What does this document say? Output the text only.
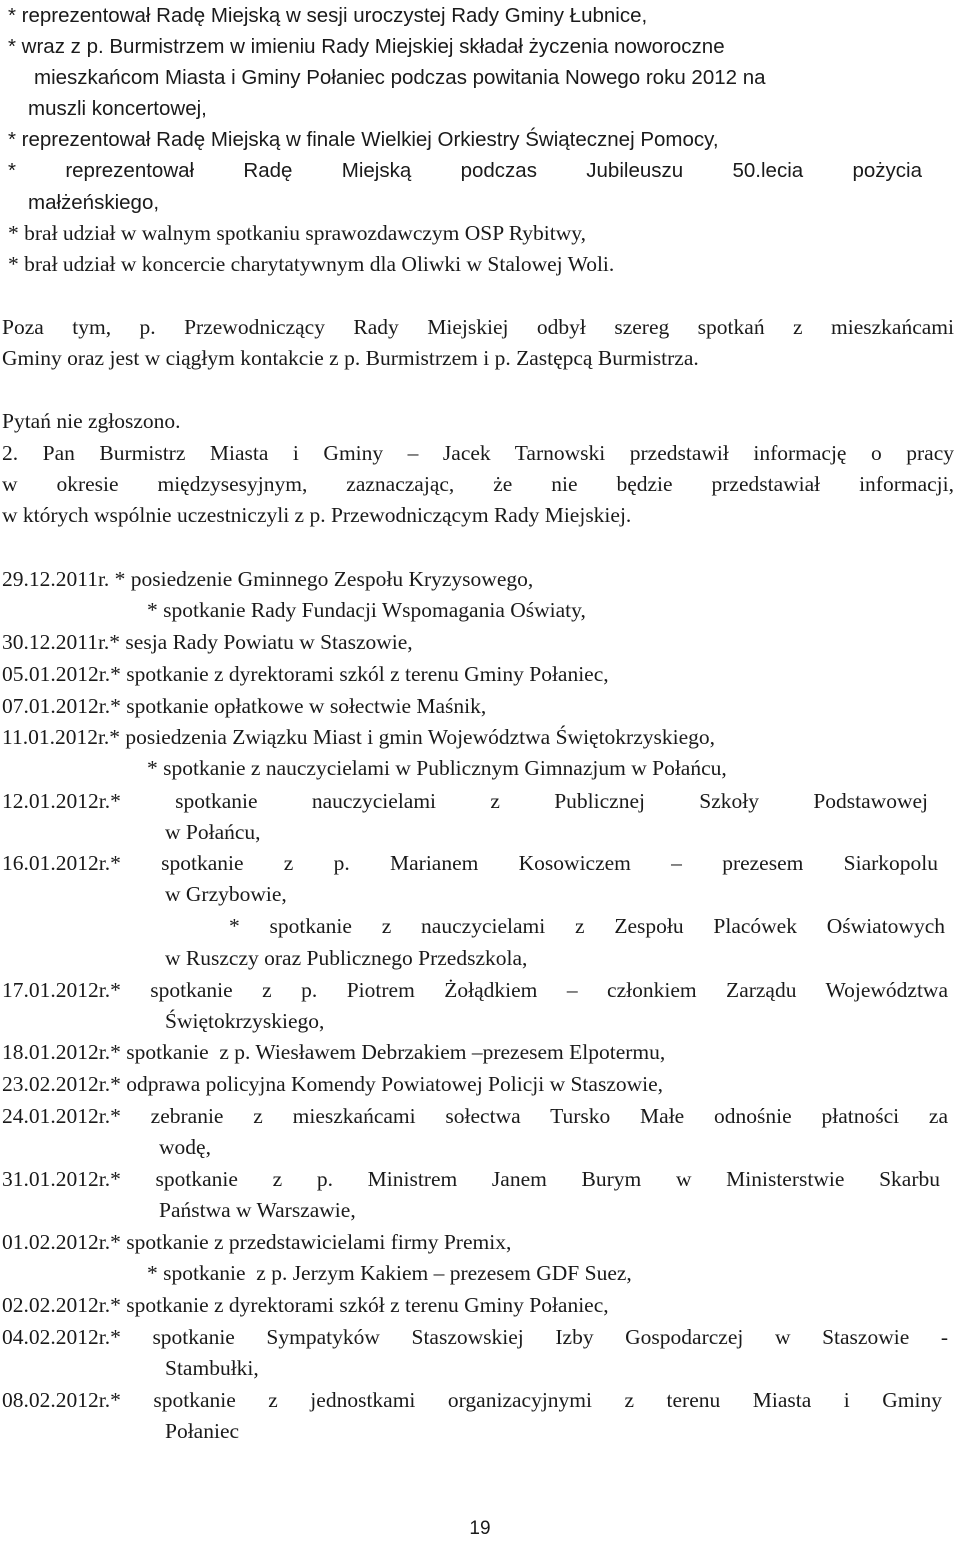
* reprezentował Radę Miejską w sesji uroczystej Rady Gminy Łubnice,
* wraz z p. Burmistrzem w imieniu Rady Miejskiej składał życzenia noworoczne
mieszkańcom Miasta i Gminy Połaniec podczas powitania Nowego roku 2012 na
muszli koncertowej,
* reprezentował Radę Miejską w finale Wielkiej Orkiestry Świątecznej Pomocy,
* reprezentował Radę Miejską podczas Jubileuszu 50.lecia pożycia
małżeńskiego,
* brał udział w walnym spotkaniu sprawozdawczym OSP Rybitwy,
* brał udział w koncercie charytatywnym dla Oliwki w Stalowej Woli.
Poza tym, p. Przewodniczący Rady Miejskiej odbył szereg spotkań z mieszkańcami
Gminy oraz jest w ciągłym kontakcie z p. Burmistrzem i p. Zastępcą Burmistrza.
Pytań nie zgłoszono.
2. Pan Burmistrz Miasta i Gminy – Jacek Tarnowski przedstawił informację o pracy
w okresie międzysesyjnym, zaznaczając, że nie będzie przedstawiał informacji,
w których wspólnie uczestniczyli z p. Przewodniczącym Rady Miejskiej.
29.12.2011r. * posiedzenie Gminnego Zespołu Kryzysowego,
* spotkanie Rady Fundacji Wspomagania Oświaty,
30.12.2011r.* sesja Rady Powiatu w Staszowie,
05.01.2012r.* spotkanie z dyrektorami szkól z terenu Gminy Połaniec,
07.01.2012r.* spotkanie opłatkowe w sołectwie Maśnik,
11.01.2012r.* posiedzenia Związku Miast i gmin Województwa Świętokrzyskiego,
* spotkanie z nauczycielami w Publicznym Gimnazjum w Połańcu,
12.01.2012r.* spotkanie nauczycielami z Publicznej Szkoły Podstawowej
w Połańcu,
16.01.2012r.* spotkanie z p. Marianem Kosowiczem – prezesem Siarkopolu
w Grzybowie,
* spotkanie z nauczycielami z Zespołu Placówek Oświatowych
w Ruszczy oraz Publicznego Przedszkola,
17.01.2012r.* spotkanie z p. Piotrem Żołądkiem – członkiem Zarządu Województwa
Świętokrzyskiego,
18.01.2012r.* spotkanie  z p. Wiesławem Debrzakiem –prezesem Elpotermu,
23.02.2012r.* odprawa policyjna Komendy Powiatowej Policji w Staszowie,
24.01.2012r.* zebranie z mieszkańcami sołectwa Tursko Małe odnośnie płatności za
wodę,
31.01.2012r.* spotkanie z p. Ministrem Janem Burym w Ministerstwie Skarbu
Państwa w Warszawie,
01.02.2012r.* spotkanie z przedstawicielami firmy Premix,
* spotkanie  z p. Jerzym Kakiem – prezesem GDF Suez,
02.02.2012r.* spotkanie z dyrektorami szkół z terenu Gminy Połaniec,
04.02.2012r.* spotkanie Sympatyków Staszowskiej Izby Gospodarczej w Staszowie -
Stambułki,
08.02.2012r.* spotkanie z jednostkami organizacyjnymi z terenu Miasta i Gminy
Połaniec
19
